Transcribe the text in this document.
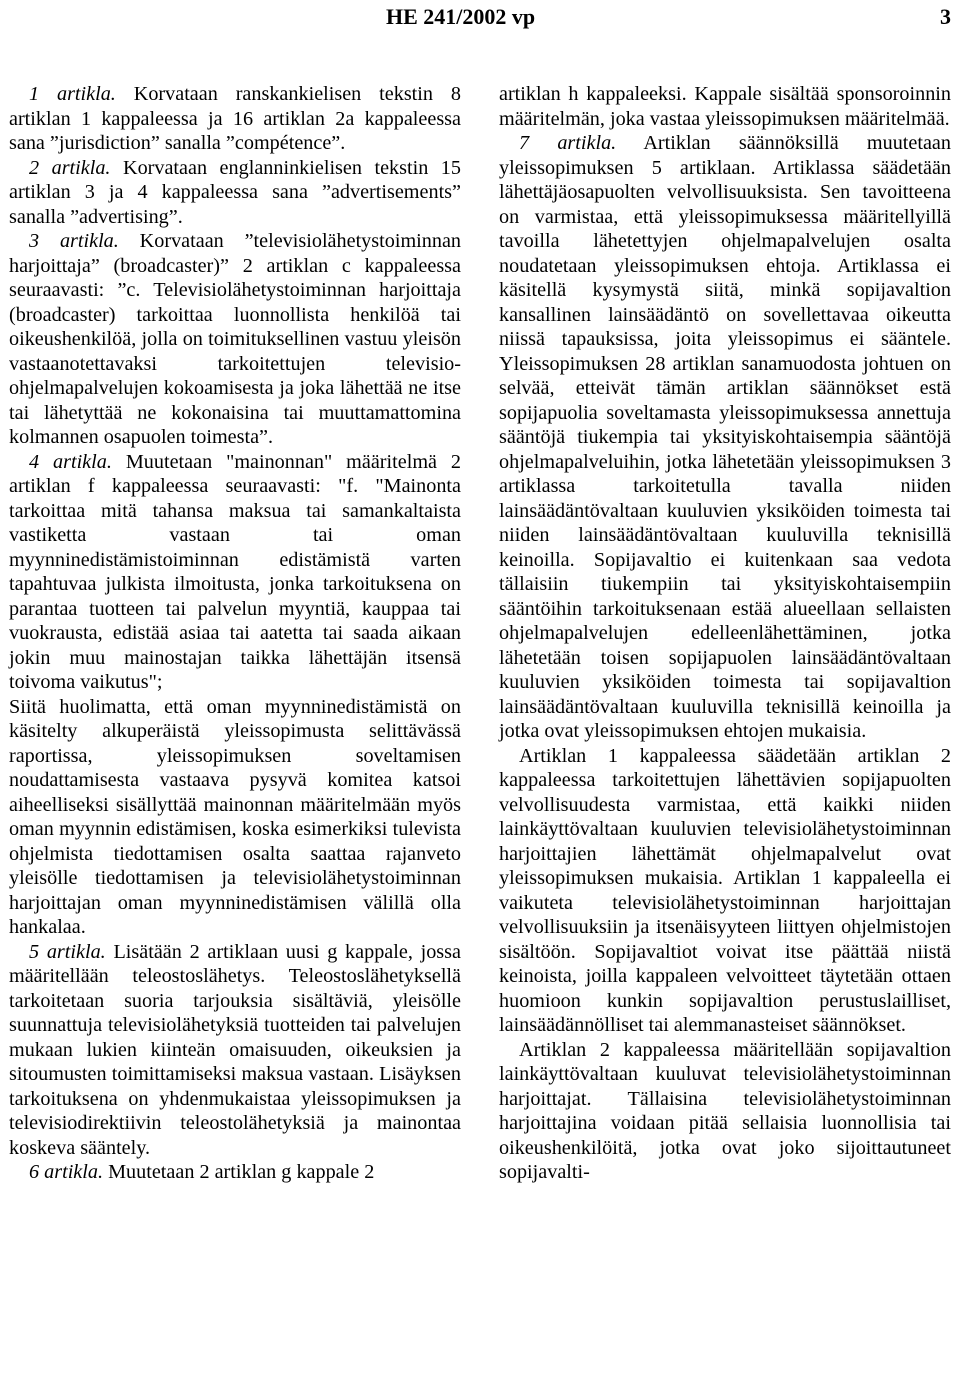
HE 241/2002 vp	3

1 artikla. Korvataan ranskankielisen tekstin 8 artiklan 1 kappaleessa ja 16 artiklan 2a kappaleessa sana ”jurisdiction” sanalla ”compétence”.

2 artikla. Korvataan englanninkielisen tekstin 15 artiklan 3 ja 4 kappaleessa sana ”advertisements” sanalla ”advertising”.

3 artikla. Korvataan ”televisiolähetystoiminnan harjoittaja” (broadcaster)” 2 artiklan c kappaleessa seuraavasti: ”c. Televisiolähetystoiminnan harjoittaja (broadcaster) tarkoittaa luonnollista henkilöä tai oikeushenkilöä, jolla on toimituksellinen vastuu yleisön vastaanotettavaksi tarkoitettujen televisio-ohjelmapalvelujen kokoamisesta ja joka lähettää ne itse tai lähetyttää ne kokonaisina tai muuttamattomina kolmannen osapuolen toimesta”.

4 artikla. Muutetaan "mainonnan" määritelmä 2 artiklan f kappaleessa seuraavasti: "f. "Mainonta tarkoittaa mitä tahansa maksua tai samankaltaista vastiketta vastaan tai oman myynninedistämistoiminnan edistämistä varten tapahtuvaa julkista ilmoitusta, jonka tarkoituksena on parantaa tuotteen tai palvelun myyntiä, kauppaa tai vuokrausta, edistää asiaa tai aatetta tai saada aikaan jokin muu mainostajan taikka lähettäjän itsensä toivoma vaikutus";

Siitä huolimatta, että oman myynninedistämistä on käsitelty alkuperäistä yleissopimusta selittävässä raportissa, yleissopimuksen soveltamisen noudattamisesta vastaava pysyvä komitea katsoi aiheelliseksi sisällyttää mainonnan määritelmään myös oman myynnin edistämisen, koska esimerkiksi tulevista ohjelmista tiedottamisen osalta saattaa rajanveto yleisölle tiedottamisen ja televisiolähetystoiminnan harjoittajan oman myynninedistämisen välillä olla hankalaa.

5 artikla. Lisätään 2 artiklaan uusi g kappale, jossa määritellään teleostoslähetys. Teleostoslähetyksellä tarkoitetaan suoria tarjouksia sisältäviä, yleisölle suunnattuja televisiolähetyksiä tuotteiden tai palvelujen mukaan lukien kiinteän omaisuuden, oikeuksien ja sitoumusten toimittamiseksi maksua vastaan. Lisäyksen tarkoituksena on yhdenmukaistaa yleissopimuksen ja televisiodirektiivin teleostolähetyksiä ja mainontaa koskeva sääntely.

6 artikla. Muutetaan 2 artiklan g kappale 2

artiklan h kappaleeksi. Kappale sisältää sponsoroinnin määritelmän, joka vastaa yleissopimuksen määritelmää.

7 artikla. Artiklan säännöksillä muutetaan yleissopimuksen 5 artiklaan. Artiklassa säädetään lähettäjäosapuolten velvollisuuksista. Sen tavoitteena on varmistaa, että yleissopimuksessa määritellyillä tavoilla lähetettyjen ohjelmapalvelujen osalta noudatetaan yleissopimuksen ehtoja. Artiklassa ei käsitellä kysymystä siitä, minkä sopijavaltion kansallinen lainsäädäntö on sovellettavaa oikeutta niissä tapauksissa, joita yleissopimus ei sääntele. Yleissopimuksen 28 artiklan sanamuodosta johtuen on selvää, etteivät tämän artiklan säännökset estä sopijapuolia soveltamasta yleissopimuksessa annettuja sääntöjä tiukempia tai yksityiskohtaisempia sääntöjä ohjelmapalveluihin, jotka lähetetään yleissopimuksen 3 artiklassa tarkoitetulla tavalla niiden lainsäädäntövaltaan kuuluvien yksiköiden toimesta tai niiden lainsäädäntövaltaan kuuluvilla teknisillä keinoilla. Sopijavaltio ei kuitenkaan saa vedota tällaisiin tiukempiin tai yksityiskohtaisempiin sääntöihin tarkoituksenaan estää alueellaan sellaisten ohjelmapalvelujen edelleenlähettäminen, jotka lähetetään toisen sopijapuolen lainsäädäntövaltaan kuuluvien yksiköiden toimesta tai sopijavaltion lainsäädäntövaltaan kuuluvilla teknisillä keinoilla ja jotka ovat yleissopimuksen ehtojen mukaisia.

Artiklan 1 kappaleessa säädetään artiklan 2 kappaleessa tarkoitettujen lähettävien sopijapuolten velvollisuudesta varmistaa, että kaikki niiden lainkäyttövaltaan kuuluvien televisiolähetystoiminnan harjoittajien lähettämät ohjelmapalvelut ovat yleissopimuksen mukaisia. Artiklan 1 kappaleella ei vaikuteta televisiolähetystoiminnan harjoittajan velvollisuuksiin ja itsenäisyyteen liittyen ohjelmistojen sisältöön. Sopijavaltiot voivat itse päättää niistä keinoista, joilla kappaleen velvoitteet täytetään ottaen huomioon kunkin sopijavaltion perustuslailliset, lainsäädännölliset tai alemmanasteiset säännökset.

Artiklan 2 kappaleessa määritellään sopijavaltion lainkäyttövaltaan kuuluvat televisiolähetystoiminnan harjoittajat. Tällaisina televisiolähetystoiminnan harjoittajina voidaan pitää sellaisia luonnollisia tai oikeushenkilöitä, jotka ovat joko sijoittautuneet sopijavalti-
